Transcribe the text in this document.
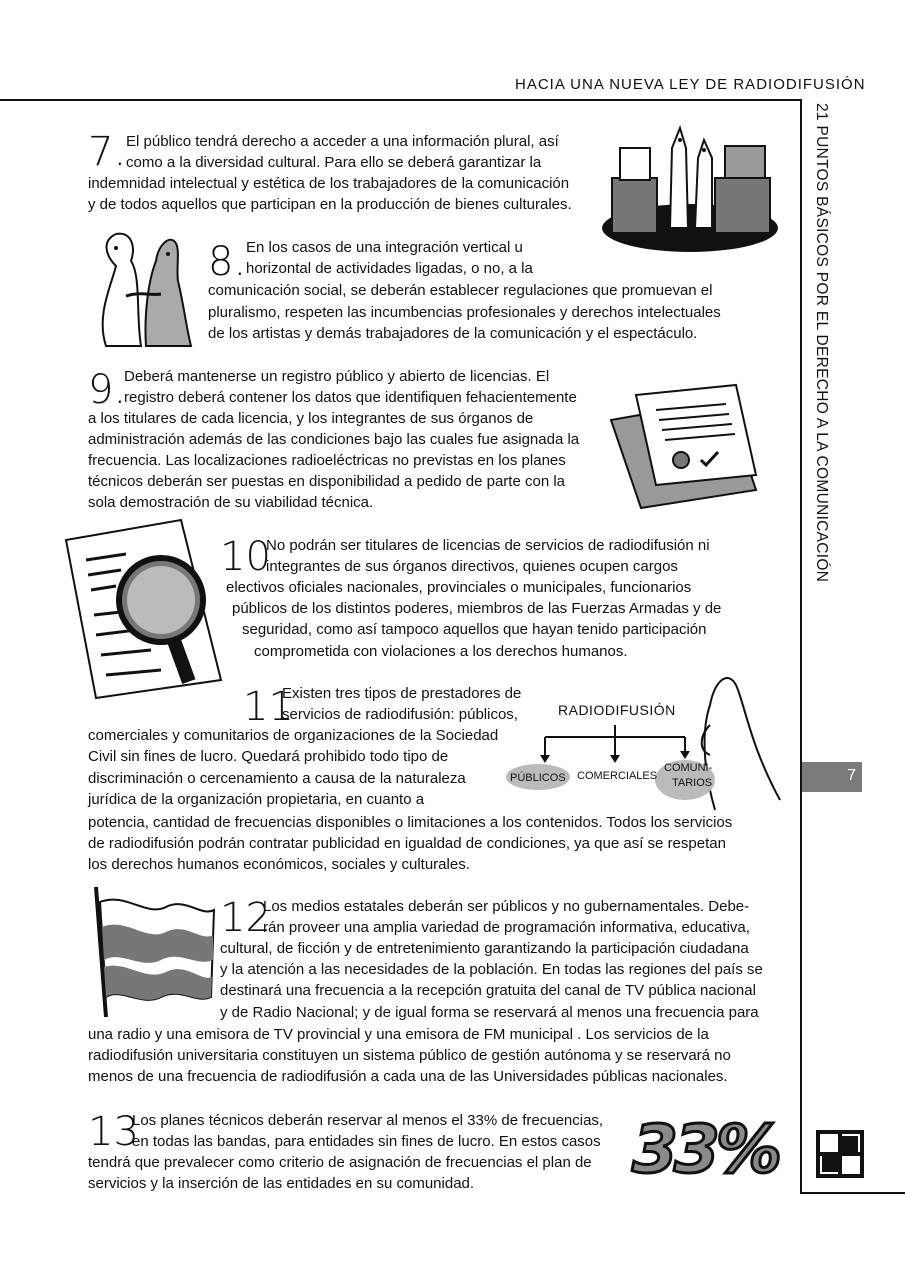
HACIA UNA NUEVA LEY DE RADIODIFUSIÓN
21 PUNTOS BÁSICOS POR EL DERECHO A LA COMUNICACIÓN
7
7. El público tendrá derecho a acceder a una información plural, así
como a la diversidad cultural. Para ello se deberá garantizar la
indemnidad intelectual y estética de los trabajadores de la comunicación
y de todos aquellos que participan en la producción de bienes culturales.
8. En los casos de una integración vertical u
horizontal de actividades ligadas, o no, a la
comunicación social, se deberán establecer regulaciones que promuevan el
pluralismo, respeten las incumbencias profesionales y derechos intelectuales
de los artistas y demás trabajadores de la comunicación y el espectáculo.
9.
Deberá mantenerse un registro público y abierto de licencias. El
registro deberá contener los datos que identifiquen fehacientemente
a los titulares de cada licencia, y los integrantes de sus órganos de
administración además de las condiciones bajo las cuales fue asignada la
frecuencia. Las localizaciones radioeléctricas no previstas en los planes
técnicos deberán ser puestas en disponibilidad a pedido de parte con la
sola demostración de su viabilidad técnica.
10
No podrán ser titulares de licencias de servicios de radiodifusión ni
integrantes de sus órganos directivos, quienes ocupen cargos
electivos oficiales nacionales, provinciales o municipales, funcionarios
públicos de los distintos poderes, miembros de las Fuerzas Armadas y de
seguridad, como así tampoco aquellos que hayan tenido participación
comprometida con violaciones a los derechos humanos.
11
Existen tres tipos de prestadores de
servicios de radiodifusión: públicos,
comerciales y comunitarios de organizaciones de la Sociedad
Civil sin fines de lucro. Quedará prohibido todo tipo de
discriminación o cercenamiento a causa de la naturaleza
jurídica de la organización propietaria, en cuanto a
potencia, cantidad de frecuencias disponibles o limitaciones a los contenidos. Todos los servicios
de radiodifusión podrán contratar publicidad en igualdad de condiciones, ya que así se respetan
los derechos humanos económicos, sociales y culturales.
RADIODIFUSIÓN
PÚBLICOS COMERCIALES
COMUNI-
TARIOS
12
Los medios estatales deberán ser públicos y no gubernamentales. Debe-
rán proveer una amplia variedad de programación informativa, educativa,
cultural, de ficción y de entretenimiento garantizando la participación ciudadana
y la atención a las necesidades de la población. En todas las regiones del país se
destinará una frecuencia a la recepción gratuita del canal de TV pública nacional
y de Radio Nacional; y de igual forma se reservará al menos una frecuencia para
una radio y una emisora de TV provincial y una emisora de FM municipal . Los servicios de la
radiodifusión universitaria constituyen un sistema público de gestión autónoma y se reservará no
menos de una frecuencia de radiodifusión a cada una de las Universidades públicas nacionales.
13
Los planes técnicos deberán reservar al menos el 33% de frecuencias,
en todas las bandas, para entidades sin fines de lucro. En estos casos
tendrá que prevalecer como criterio de asignación de frecuencias el plan de
servicios y la inserción de las entidades en su comunidad. 33%
